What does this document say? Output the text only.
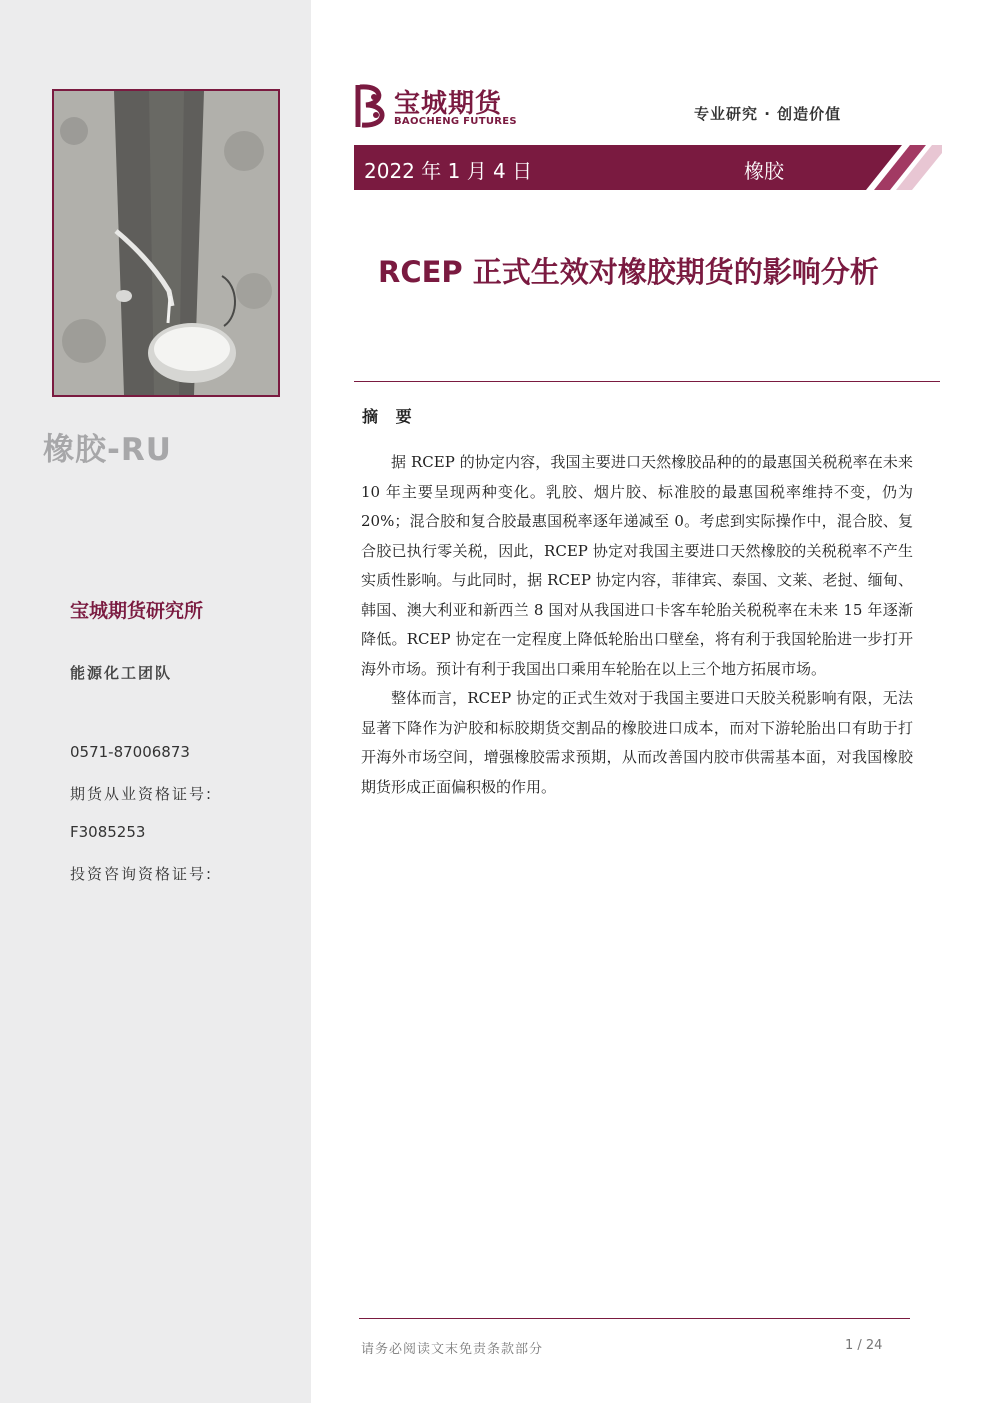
橡胶-RU
宝城期货研究所
能源化工团队
0571-87006873
期货从业资格证号:
F3085253
投资咨询资格证号:
宝城期货
BAOCHENG FUTURES	专业研究 · 创造价值
2022 年 1 月 4 日	橡胶
RCEP 正式生效对橡胶期货的影响分析
摘 要

据 RCEP 的协定内容，我国主要进口天然橡胶品种的的最惠国关税税率在未来 10 年主要呈现两种变化。乳胶、烟片胶、标准胶的最惠国税率维持不变，仍为 20%；混合胶和复合胶最惠国税率逐年递减至 0。考虑到实际操作中，混合胶、复合胶已执行零关税，因此，RCEP 协定对我国主要进口天然橡胶的关税税率不产生实质性影响。与此同时，据 RCEP 协定内容，菲律宾、泰国、文莱、老挝、缅甸、韩国、澳大利亚和新西兰 8 国对从我国进口卡客车轮胎关税税率在未来 15 年逐渐降低。RCEP 协定在一定程度上降低轮胎出口壁垒，将有利于我国轮胎进一步打开海外市场。预计有利于我国出口乘用车轮胎在以上三个地方拓展市场。

整体而言，RCEP 协定的正式生效对于我国主要进口天胶关税影响有限，无法显著下降作为沪胶和标胶期货交割品的橡胶进口成本，而对下游轮胎出口有助于打开海外市场空间，增强橡胶需求预期，从而改善国内胶市供需基本面，对我国橡胶期货形成正面偏积极的作用。

请务必阅读文末免责条款部分	1 / 24
